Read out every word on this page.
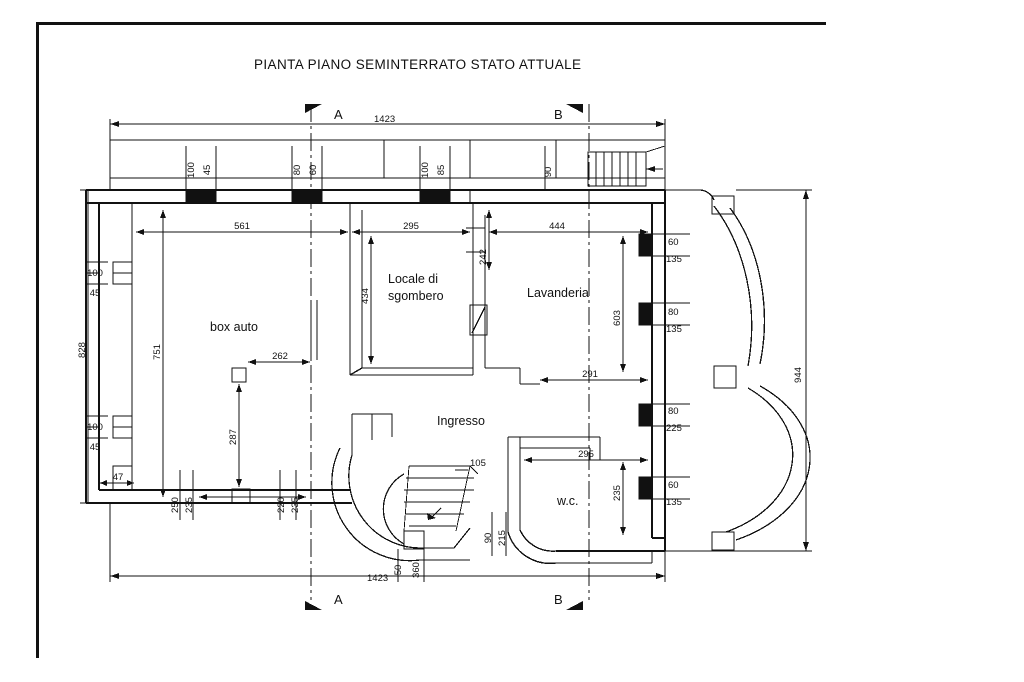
PIANTA PIANO SEMINTERRATO STATO ATTUALE
box auto
Locale di
sgombero	Lavanderia
Ingresso
w.c.
A	B
A	B
1423
1423
828
944
100 45	80 60	100 85	90
100
45
100
45
47
60
135
80
135
80
225
60
135
561	295	444
242
434
603
291
295
751	262
287
235
250	220 235
235
105
90 215
50 360
